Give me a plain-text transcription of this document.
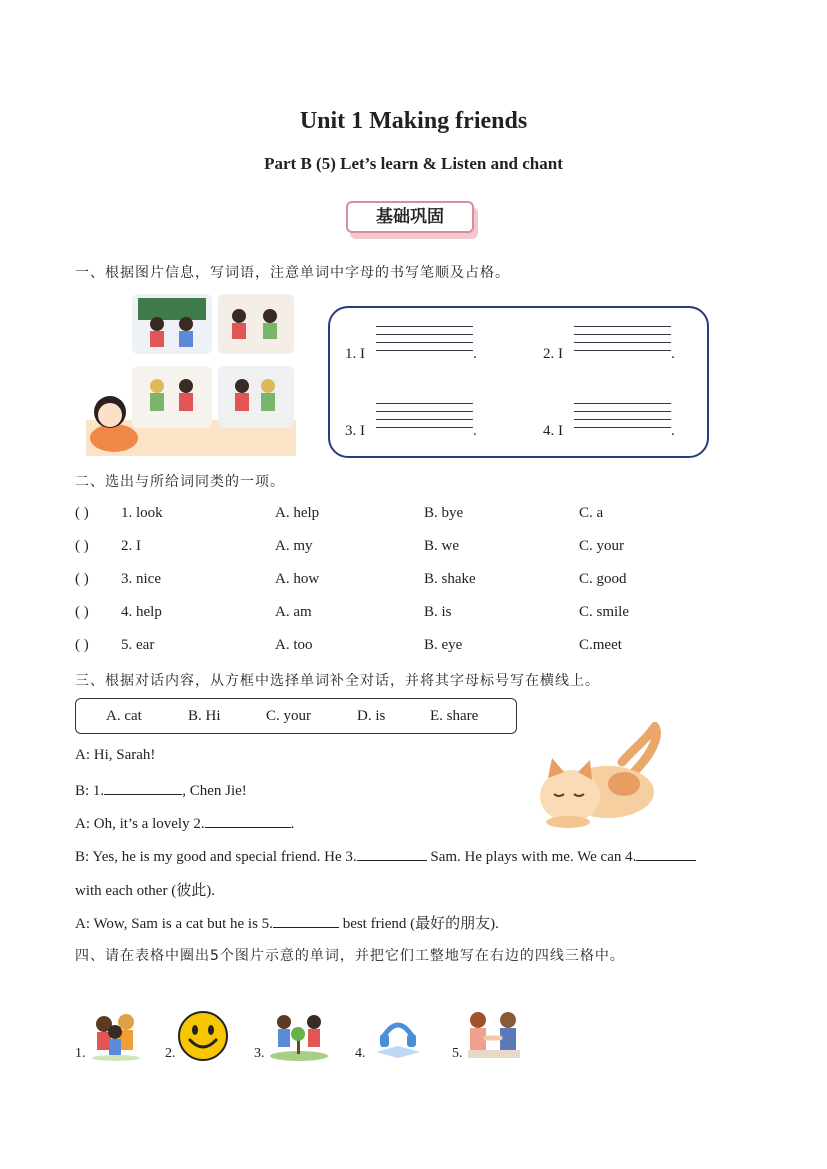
Unit 1 Making friends
Part B (5) Let’s learn & Listen and chant
基础巩固
一、根据图片信息，写词语，注意单词中字母的书写笔顺及占格。
1. I	.	2. I	.
3. I	.	4. I	.
二、选出与所给词同类的一项。
( ) 1. look	A. help	B. bye	C. a
( ) 2. I	A. my	B. we	C. your
( ) 3. nice	A. how	B. shake	C. good
( ) 4. help	A. am	B. is	C. smile
( ) 5. ear	A. too	B. eye	C.meet
三、根据对话内容，从方框中选择单词补全对话，并将其字母标号写在横线上。
A. cat	B. Hi	C. your	D. is	E. share
A: Hi, Sarah!
B: 1.	, Chen Jie!
A: Oh, it’s a lovely 2.	.
B: Yes, he is my good and special friend. He 3.	Sam. He plays with me. We can 4.
with each other (彼此).
A: Wow, Sam is a cat but he is 5.	best friend (最好的朋友).
四、请在表格中圈出5个图片示意的单词，并把它们工整地写在右边的四线三格中。
1.	2.	3.	4.	5.
